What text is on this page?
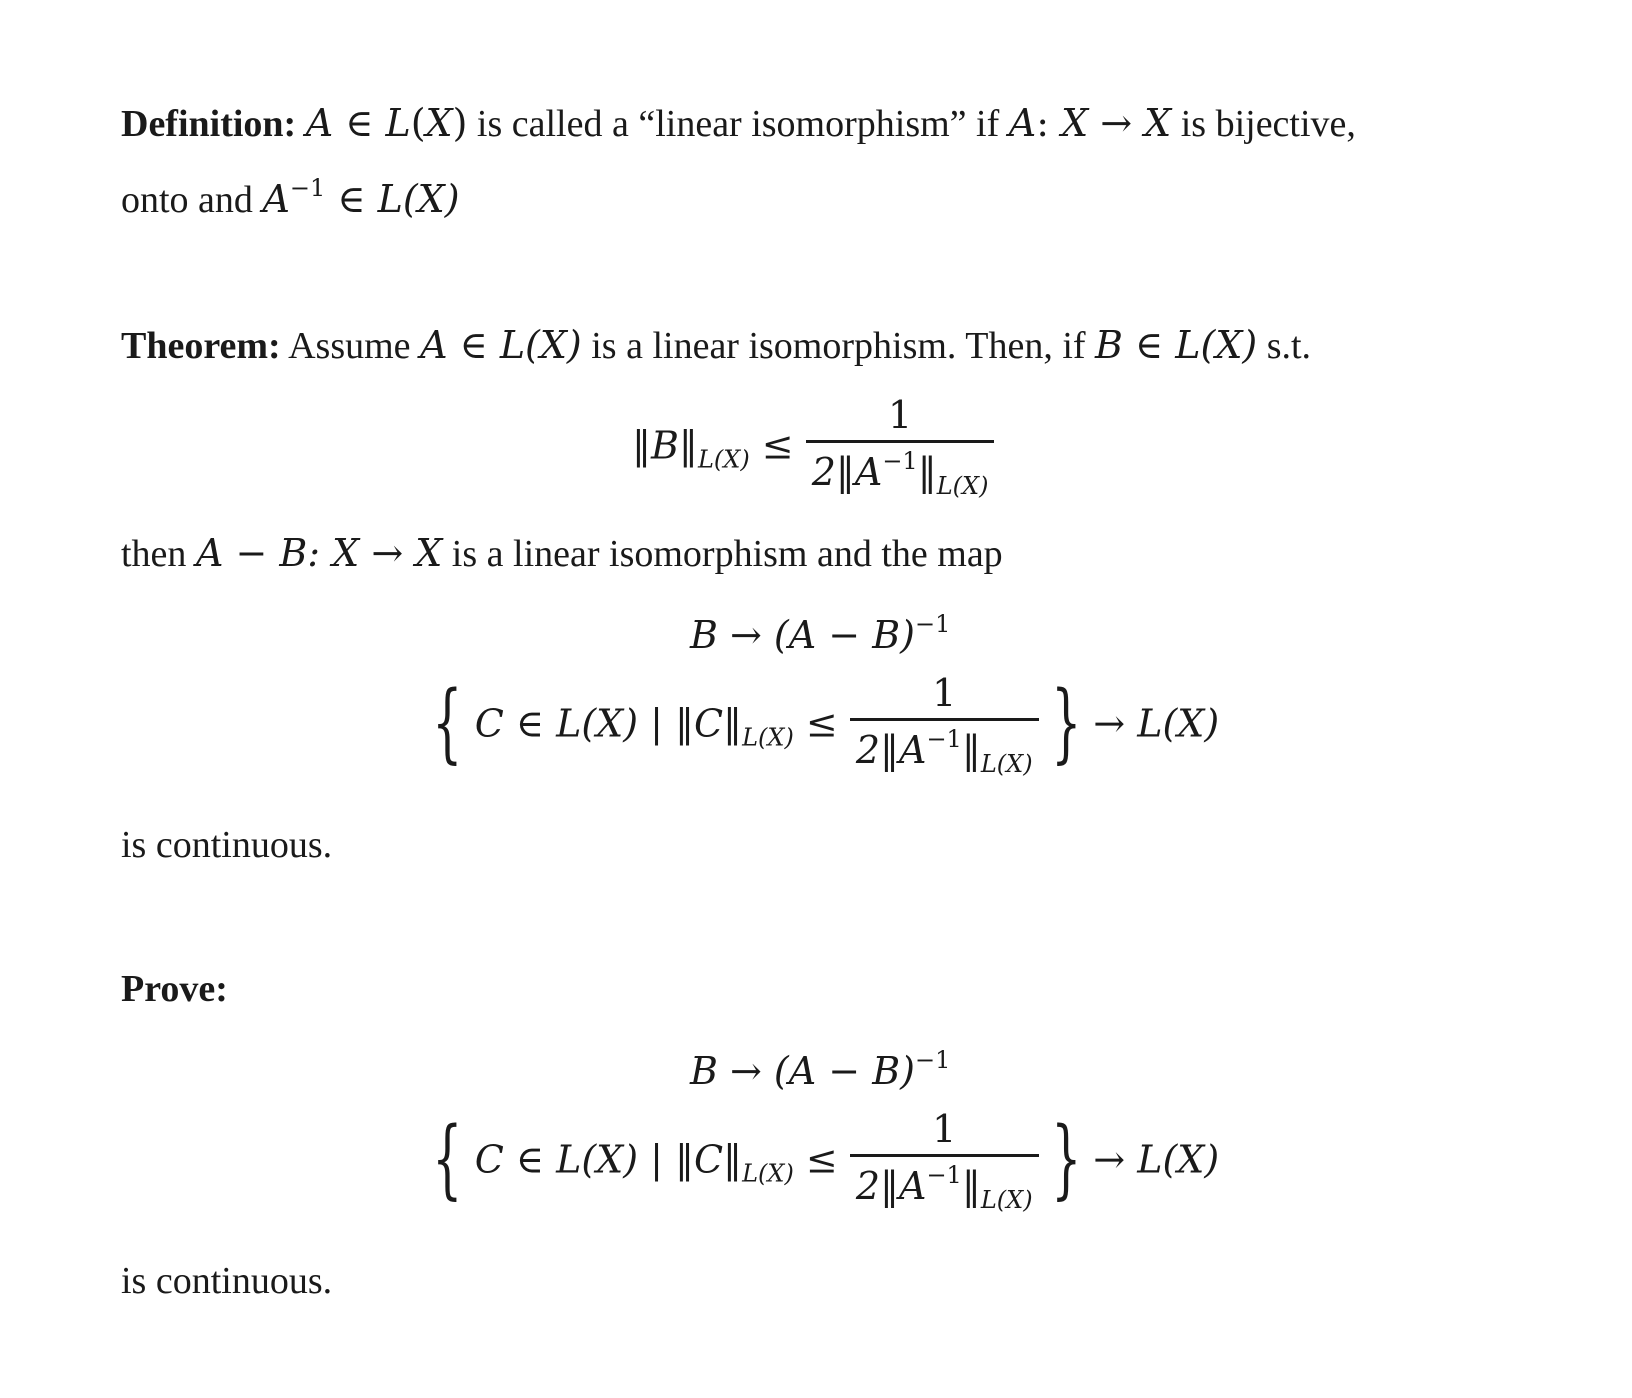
Definition: A ∈ L(X) is called a “linear isomorphism” if A: X → X is bijective,
onto and $A^{-1}$ ∈ L(X)
Theorem: Assume A ∈ L(X) is a linear isomorphism. Then, if B ∈ L(X) s.t.
$‖B‖_{L(X)} \le \frac{1}{2‖A^{-1}‖_{L(X)}}$
then A − B: X → X is a linear isomorphism and the map
$B \to (A - B)^{-1}$
{ C ∈ L(X) | $‖C‖_{L(X)} \le \frac{1}{2‖A^{-1}‖_{L(X)}}$ } → L(X)
is continuous.
Prove:
$B \to (A - B)^{-1}$
{ C ∈ L(X) | $‖C‖_{L(X)} \le \frac{1}{2‖A^{-1}‖_{L(X)}}$ } → L(X)
is continuous.
